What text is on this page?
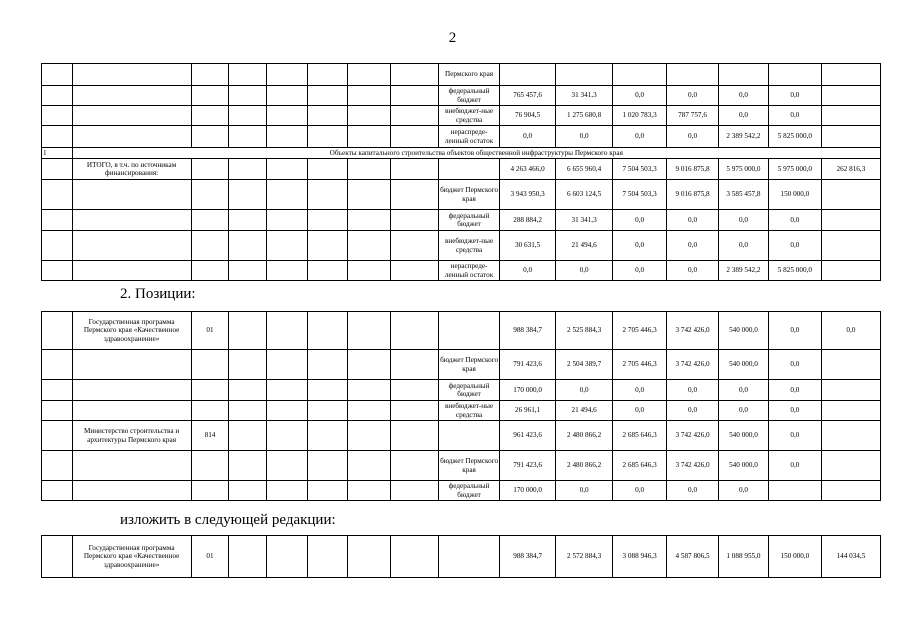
2
								Пермского края							
								федеральный бюджет	765 457,6	31 341,3	0,0	0,0	0,0	0,0	
								внебюджет-ные средства	76 904,5	1 275 680,8	1 020 783,3	787 757,6	0,0	0,0	
								нераспреде-ленный остаток	0,0	0,0	0,0	0,0	2 389 542,2	5 825 000,0	
1	Объекты капитального строительства объектов общественной инфраструктуры Пермского края														
	ИТОГО, в т.ч. по источникам финансирования:								4 263 466,0	6 655 960,4	7 504 503,3	9 016 875,8	5 975 000,0	5 975 000,0	262 816,3
								бюджет Пермского края	3 943 950,3	6 603 124,5	7 504 503,3	9 016 875,8	3 585 457,8	150 000,0	
								федеральный бюджет	288 884,2	31 341,3	0,0	0,0	0,0	0,0	
								внебюджет-ные средства	30 631,5	21 494,6	0,0	0,0	0,0	0,0	
								нераспреде-ленный остаток	0,0	0,0	0,0	0,0	2 389 542,2	5 825 000,0	
2. Позиции:
	Государственная программа Пермского края «Качественное здравоохранение»	01							988 384,7	2 525 884,3	2 705 446,3	3 742 426,0	540 000,0	0,0	0,0
								бюджет Пермского края	791 423,6	2 504 389,7	2 705 446,3	3 742 426,0	540 000,0	0,0	
								федеральный бюджет	170 000,0	0,0	0,0	0,0	0,0	0,0	
								внебюджет-ные средства	26 961,1	21 494,6	0,0	0,0	0,0	0,0	
	Министерство строительства и архитектуры Пермского края	814							961 423,6	2 480 866,2	2 685 646,3	3 742 426,0	540 000,0	0,0	
								бюджет Пермского края	791 423,6	2 480 866,2	2 685 646,3	3 742 426,0	540 000,0	0,0	
								федеральный бюджет	170 000,0	0,0	0,0	0,0	0,0		
изложить в следующей редакции:
	Государственная программа Пермского края «Качественное здравоохранение»	01							988 384,7	2 572 884,3	3 088 946,3	4 587 806,5	1 088 955,0	150 000,0	144 034,5
